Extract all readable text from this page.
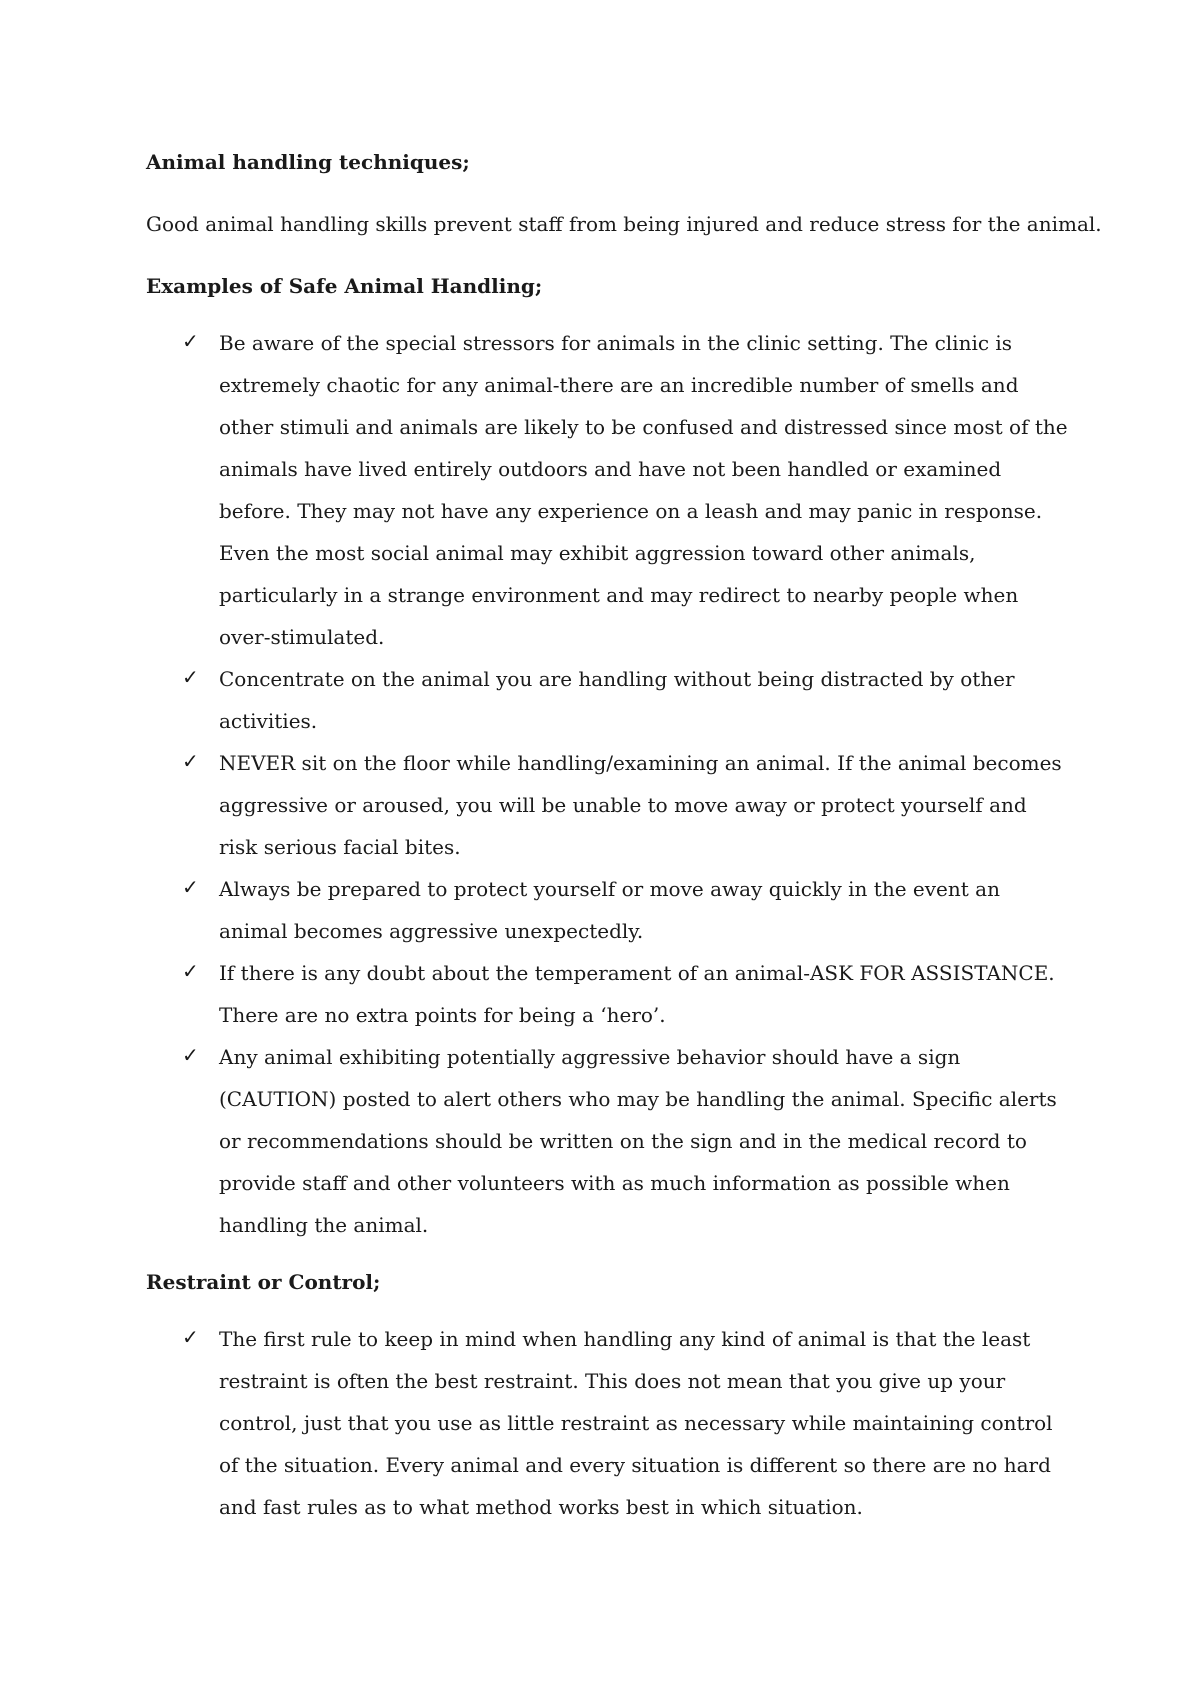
Animal handling techniques;

Good animal handling skills prevent staff from being injured and reduce stress for the animal.

Examples of Safe Animal Handling;

✓ Be aware of the special stressors for animals in the clinic setting. The clinic is extremely chaotic for any animal-there are an incredible number of smells and other stimuli and animals are likely to be confused and distressed since most of the animals have lived entirely outdoors and have not been handled or examined before. They may not have any experience on a leash and may panic in response. Even the most social animal may exhibit aggression toward other animals, particularly in a strange environment and may redirect to nearby people when over-stimulated.
✓ Concentrate on the animal you are handling without being distracted by other activities.
✓ NEVER sit on the floor while handling/examining an animal. If the animal becomes aggressive or aroused, you will be unable to move away or protect yourself and risk serious facial bites.
✓ Always be prepared to protect yourself or move away quickly in the event an animal becomes aggressive unexpectedly.
✓ If there is any doubt about the temperament of an animal-ASK FOR ASSISTANCE. There are no extra points for being a ‘hero’.
✓ Any animal exhibiting potentially aggressive behavior should have a sign (CAUTION) posted to alert others who may be handling the animal. Specific alerts or recommendations should be written on the sign and in the medical record to provide staff and other volunteers with as much information as possible when handling the animal.

Restraint or Control;

✓ The first rule to keep in mind when handling any kind of animal is that the least restraint is often the best restraint. This does not mean that you give up your control, just that you use as little restraint as necessary while maintaining control of the situation. Every animal and every situation is different so there are no hard and fast rules as to what method works best in which situation.
